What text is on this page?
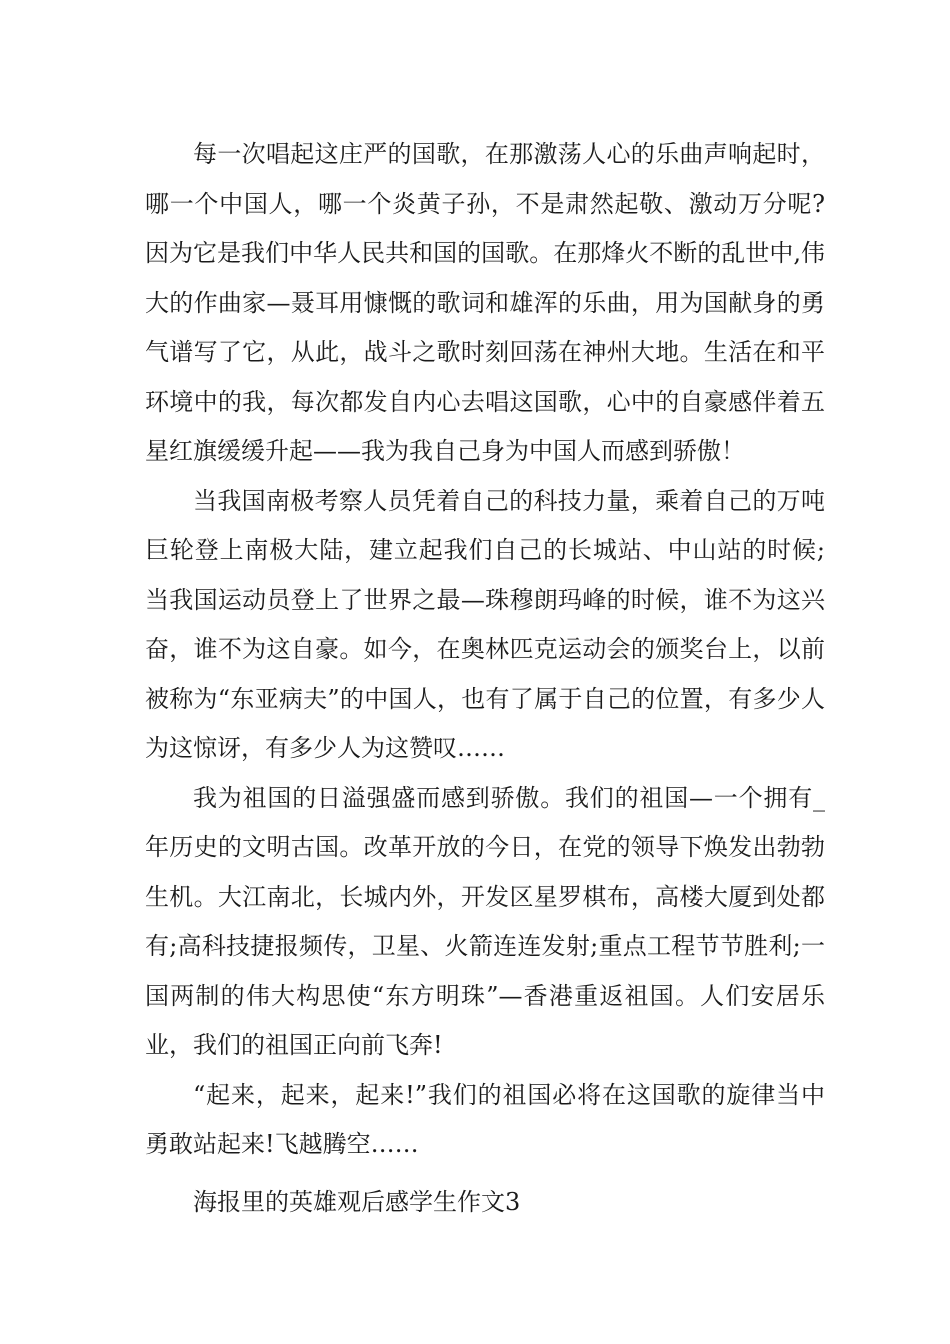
每一次唱起这庄严的国歌，在那激荡人心的乐曲声响起时，哪一个中国人，哪一个炎黄子孙，不是肃然起敬、激动万分呢?因为它是我们中华人民共和国的国歌。在那烽火不断的乱世中,伟大的作曲家—聂耳用慷慨的歌词和雄浑的乐曲，用为国献身的勇气谱写了它，从此，战斗之歌时刻回荡在神州大地。生活在和平环境中的我，每次都发自内心去唱这国歌，心中的自豪感伴着五星红旗缓缓升起——我为我自己身为中国人而感到骄傲！

当我国南极考察人员凭着自己的科技力量，乘着自己的万吨巨轮登上南极大陆，建立起我们自己的长城站、中山站的时候;当我国运动员登上了世界之最—珠穆朗玛峰的时候，谁不为这兴奋，谁不为这自豪。如今，在奥林匹克运动会的颁奖台上，以前被称为“东亚病夫”的中国人，也有了属于自己的位置，有多少人为这惊讶，有多少人为这赞叹……

我为祖国的日溢强盛而感到骄傲。我们的祖国—一个拥有_年历史的文明古国。改革开放的今日，在党的领导下焕发出勃勃生机。大江南北，长城内外，开发区星罗棋布，高楼大厦到处都有;高科技捷报频传，卫星、火箭连连发射;重点工程节节胜利;一国两制的伟大构思使“东方明珠”—香港重返祖国。人们安居乐业，我们的祖国正向前飞奔!

“起来，起来，起来!”我们的祖国必将在这国歌的旋律当中勇敢站起来!飞越腾空……

海报里的英雄观后感学生作文3
